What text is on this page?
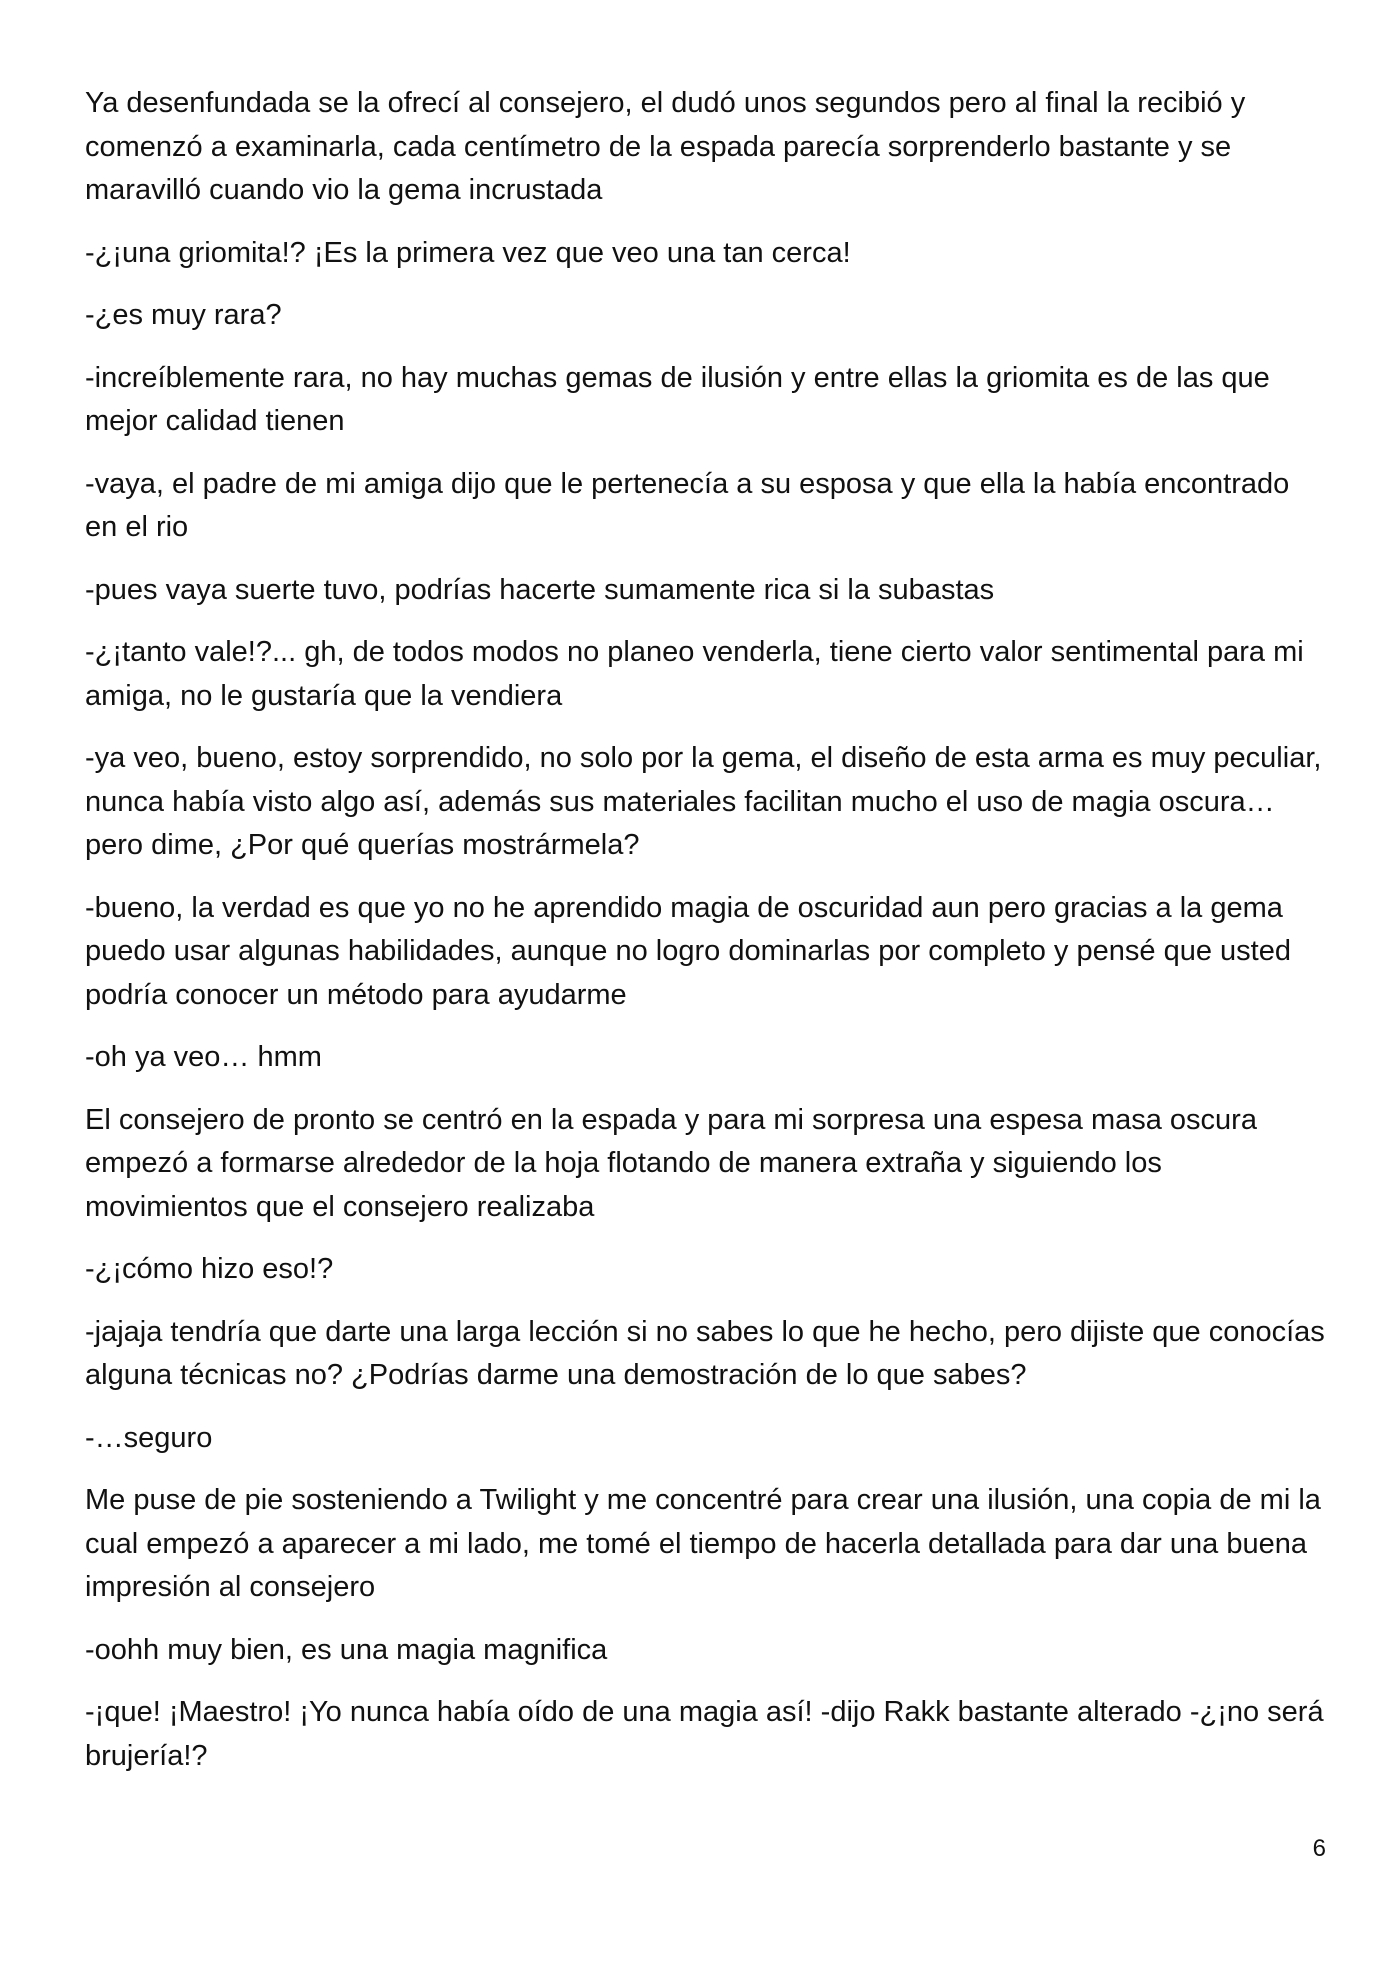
Ya desenfundada se la ofrecí al consejero, el dudó unos segundos pero al final la recibió y comenzó a examinarla, cada centímetro de la espada parecía sorprenderlo bastante y se maravilló cuando vio la gema incrustada

-¿¡una griomita!? ¡Es la primera vez que veo una tan cerca!

-¿es muy rara?

-increíblemente rara, no hay muchas gemas de ilusión y entre ellas la griomita es de las que mejor calidad tienen

-vaya, el padre de mi amiga dijo que le pertenecía a su esposa y que ella la había encontrado en el rio

-pues vaya suerte tuvo, podrías hacerte sumamente rica si la subastas

-¿¡tanto vale!?... gh, de todos modos no planeo venderla, tiene cierto valor sentimental para mi amiga, no le gustaría que la vendiera

-ya veo, bueno, estoy sorprendido, no solo por la gema, el diseño de esta arma es muy peculiar, nunca había visto algo así, además sus materiales facilitan mucho el uso de magia oscura…pero dime, ¿Por qué querías mostrármela?

-bueno, la verdad es que yo no he aprendido magia de oscuridad aun pero gracias a la gema puedo usar algunas habilidades, aunque no logro dominarlas por completo y pensé que usted podría conocer un método para ayudarme

-oh ya veo… hmm

El consejero de pronto se centró en la espada y para mi sorpresa una espesa masa oscura empezó a formarse alrededor de la hoja flotando de manera extraña y siguiendo los movimientos que el consejero realizaba

-¿¡cómo hizo eso!?

-jajaja tendría que darte una larga lección si no sabes lo que he hecho, pero dijiste que conocías alguna técnicas no? ¿Podrías darme una demostración de lo que sabes?

-…seguro

Me puse de pie sosteniendo a Twilight y me concentré para crear una ilusión, una copia de mi la cual empezó a aparecer a mi lado, me tomé el tiempo de hacerla detallada para dar una buena impresión al consejero

-oohh muy bien, es una magia magnifica

-¡que! ¡Maestro! ¡Yo nunca había oído de una magia así! -dijo Rakk bastante alterado -¿¡no será brujería!?

6
